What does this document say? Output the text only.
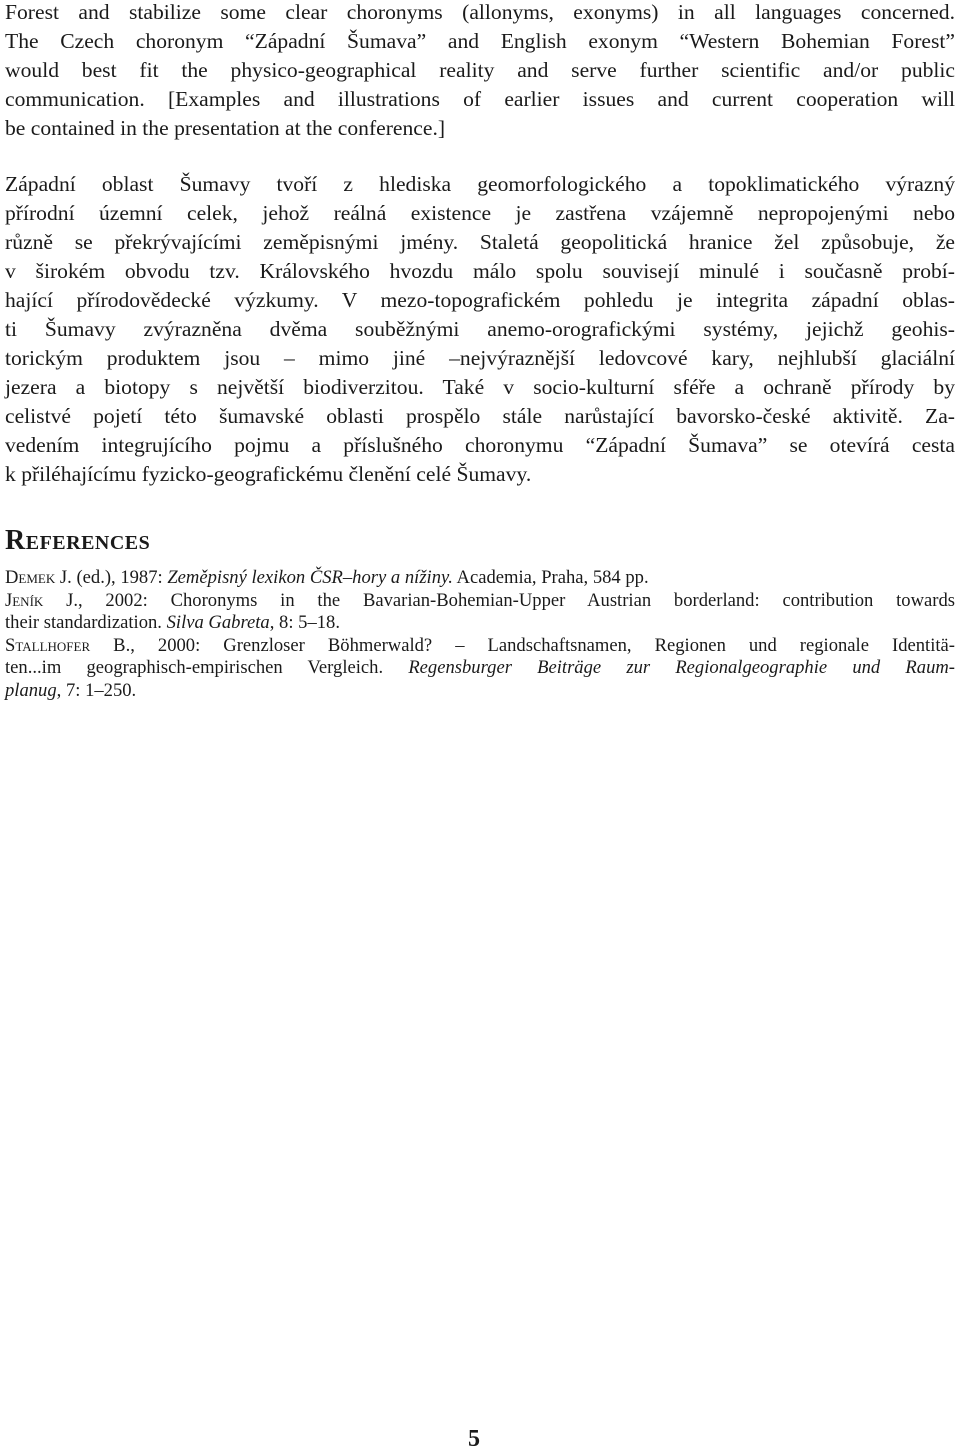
Forest and stabilize some clear choronyms (allonyms, exonyms) in all languages concerned.
The Czech choronym “Západní Šumava” and English exonym “Western Bohemian Forest”
would best fit the physico-geographical reality and serve further scientific and/or public
communication. [Examples and illustrations of earlier issues and current cooperation will
be contained in the presentation at the conference.]
Západní oblast Šumavy tvoří z hlediska geomorfologického a topoklimatického výrazný
přírodní územní celek, jehož reálná existence je zastřena vzájemně nepropojenými nebo
různě se překrývajícími zeměpisnými jmény. Staletá geopolitická hranice žel způsobuje, že
v širokém obvodu tzv. Královského hvozdu málo spolu souvisejí minulé i současně probí-
hající přírodovědecké výzkumy. V mezo-topografickém pohledu je integrita západní oblas-
ti Šumavy zvýrazněna dvěma souběžnými anemo-orografickými systémy, jejichž geohis-
torickým produktem jsou – mimo jiné –nejvýraznější ledovcové kary, nejhlubší glaciální
jezera a biotopy s největší biodiverzitou. Také v socio-kulturní sféře a ochraně přírody by
celistvé pojetí této šumavské oblasti prospělo stále narůstající bavorsko-české aktivitě. Za-
vedením integrujícího pojmu a příslušného choronymu “Západní Šumava” se otevírá cesta
k přiléhajícímu fyzicko-geografickému členění celé Šumavy.
REFERENCES
Demek J. (ed.), 1987: Zeměpisný lexikon ČSR–hory a nížiny. Academia, Praha, 584 pp.
Jeník J., 2002: Choronyms in the Bavarian-Bohemian-Upper Austrian borderland: contribution towards
their standardization. Silva Gabreta, 8: 5–18.
Stallhofer B., 2000: Grenzloser Böhmerwald? – Landschaftsnamen, Regionen und regionale Identitä-
ten...im geographisch-empirischen Vergleich. Regensburger Beiträge zur Regionalgeographie und Raum-
planug, 7: 1–250.

5
